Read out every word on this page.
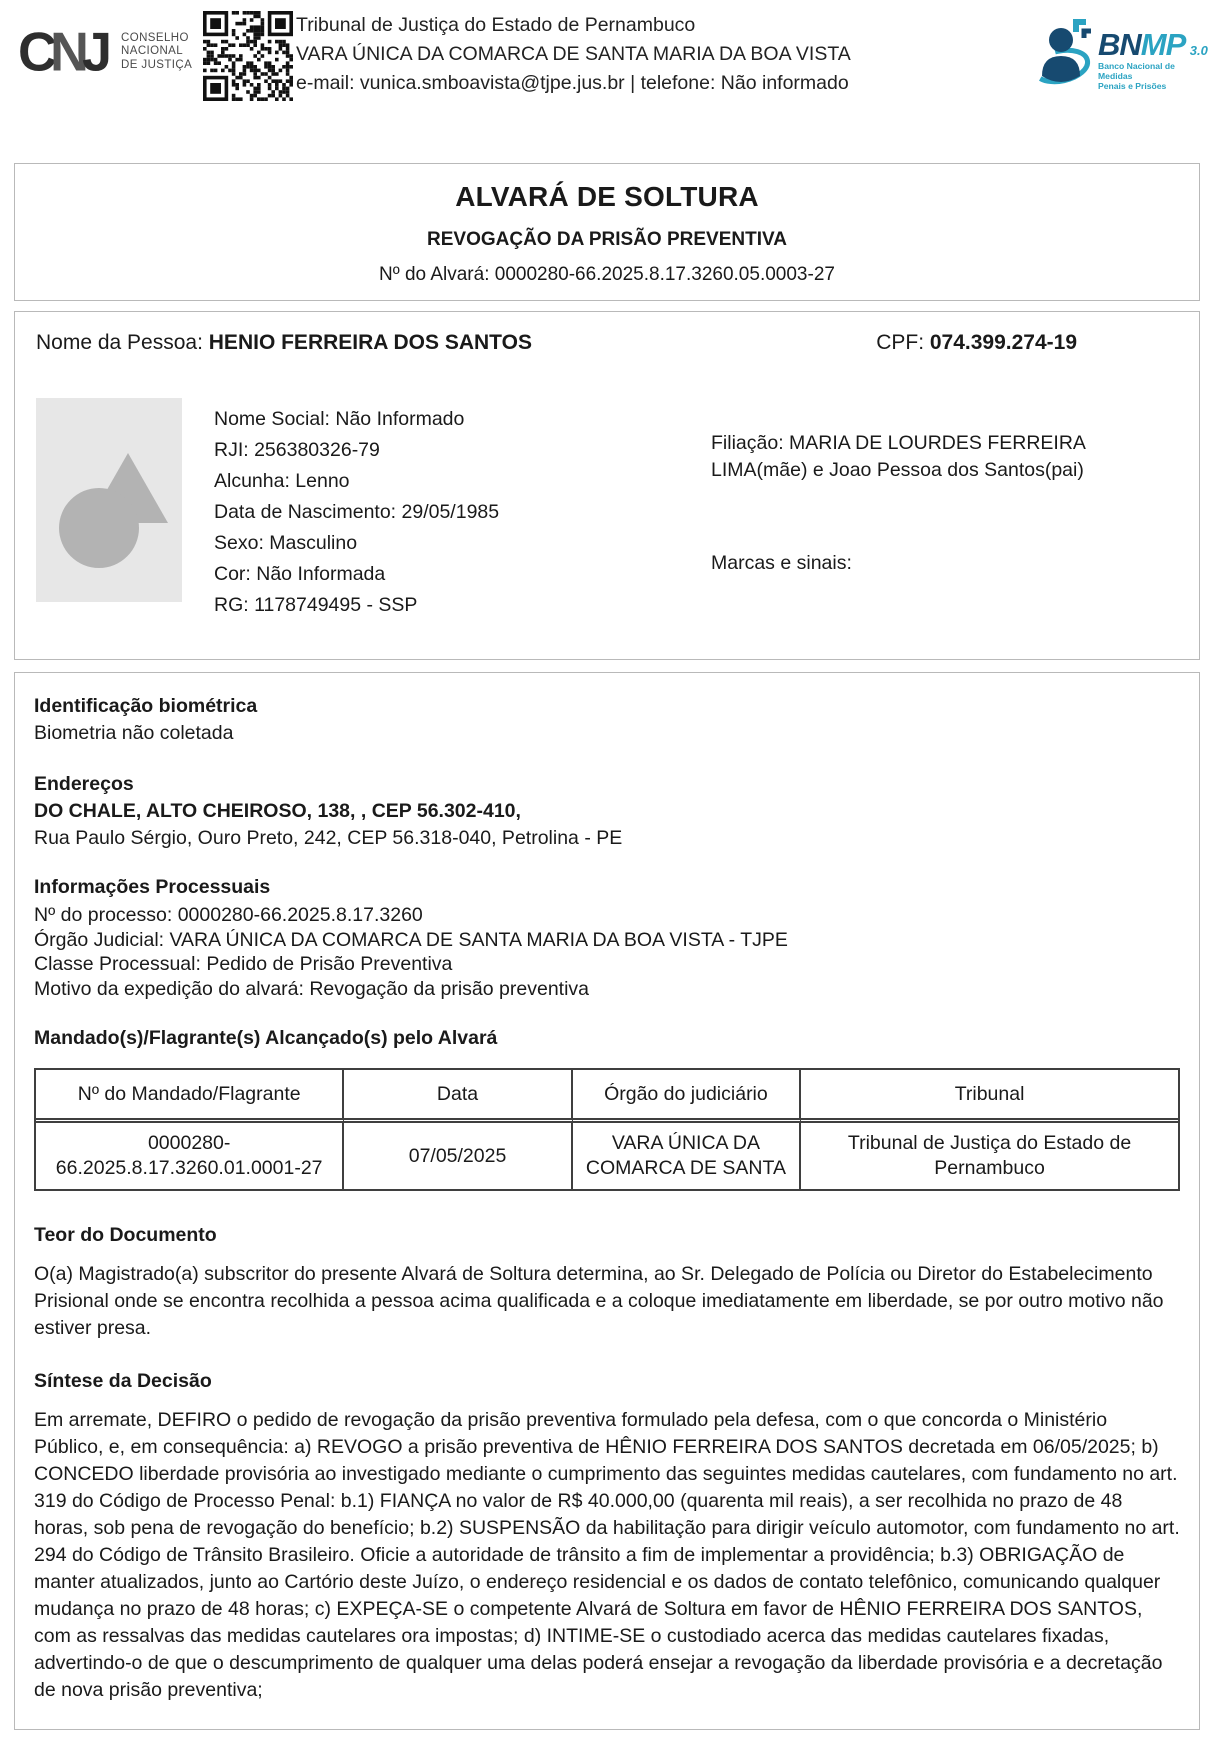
CNJ CONSELHO
NACIONAL
DE JUSTIÇA
Tribunal de Justiça do Estado de Pernambuco
VARA ÚNICA DA COMARCA DE SANTA MARIA DA BOA VISTA
e-mail: vunica.smboavista@tjpe.jus.br | telefone: Não informado
BNMP 3.0
Banco Nacional de Medidas
Penais e Prisões
ALVARÁ DE SOLTURA
REVOGAÇÃO DA PRISÃO PREVENTIVA
Nº do Alvará: 0000280-66.2025.8.17.3260.05.0003-27
Nome da Pessoa: HENIO FERREIRA DOS SANTOS	CPF: 074.399.274-19
Nome Social: Não Informado
RJI: 256380326-79
Alcunha: Lenno
Data de Nascimento: 29/05/1985
Sexo: Masculino
Cor: Não Informada
RG: 1178749495 - SSP
Filiação: MARIA DE LOURDES FERREIRA LIMA(mãe) e Joao Pessoa dos Santos(pai)
Marcas e sinais:
Identificação biométrica
Biometria não coletada
Endereços
DO CHALE, ALTO CHEIROSO, 138, , CEP 56.302-410,
Rua Paulo Sérgio, Ouro Preto, 242, CEP 56.318-040, Petrolina - PE
Informações Processuais
Nº do processo: 0000280-66.2025.8.17.3260
Órgão Judicial: VARA ÚNICA DA COMARCA DE SANTA MARIA DA BOA VISTA - TJPE
Classe Processual: Pedido de Prisão Preventiva
Motivo da expedição do alvará: Revogação da prisão preventiva
Mandado(s)/Flagrante(s) Alcançado(s) pelo Alvará
Nº do Mandado/Flagrante	Data	Órgão do judiciário	Tribunal
0000280-66.2025.8.17.3260.01.0001-27	07/05/2025	VARA ÚNICA DA COMARCA DE SANTA	Tribunal de Justiça do Estado de Pernambuco
Teor do Documento
O(a) Magistrado(a) subscritor do presente Alvará de Soltura determina, ao Sr. Delegado de Polícia ou Diretor do Estabelecimento Prisional onde se encontra recolhida a pessoa acima qualificada e a coloque imediatamente em liberdade, se por outro motivo não estiver presa.
Síntese da Decisão
Em arremate, DEFIRO o pedido de revogação da prisão preventiva formulado pela defesa, com o que concorda o Ministério Público, e, em consequência: a) REVOGO a prisão preventiva de HÊNIO FERREIRA DOS SANTOS decretada em 06/05/2025; b) CONCEDO liberdade provisória ao investigado mediante o cumprimento das seguintes medidas cautelares, com fundamento no art. 319 do Código de Processo Penal: b.1) FIANÇA no valor de R$ 40.000,00 (quarenta mil reais), a ser recolhida no prazo de 48 horas, sob pena de revogação do benefício; b.2) SUSPENSÃO da habilitação para dirigir veículo automotor, com fundamento no art. 294 do Código de Trânsito Brasileiro. Oficie a autoridade de trânsito a fim de implementar a providência; b.3) OBRIGAÇÃO de manter atualizados, junto ao Cartório deste Juízo, o endereço residencial e os dados de contato telefônico, comunicando qualquer mudança no prazo de 48 horas; c) EXPEÇA-SE o competente Alvará de Soltura em favor de HÊNIO FERREIRA DOS SANTOS, com as ressalvas das medidas cautelares ora impostas; d) INTIME-SE o custodiado acerca das medidas cautelares fixadas, advertindo-o de que o descumprimento de qualquer uma delas poderá ensejar a revogação da liberdade provisória e a decretação de nova prisão preventiva;
